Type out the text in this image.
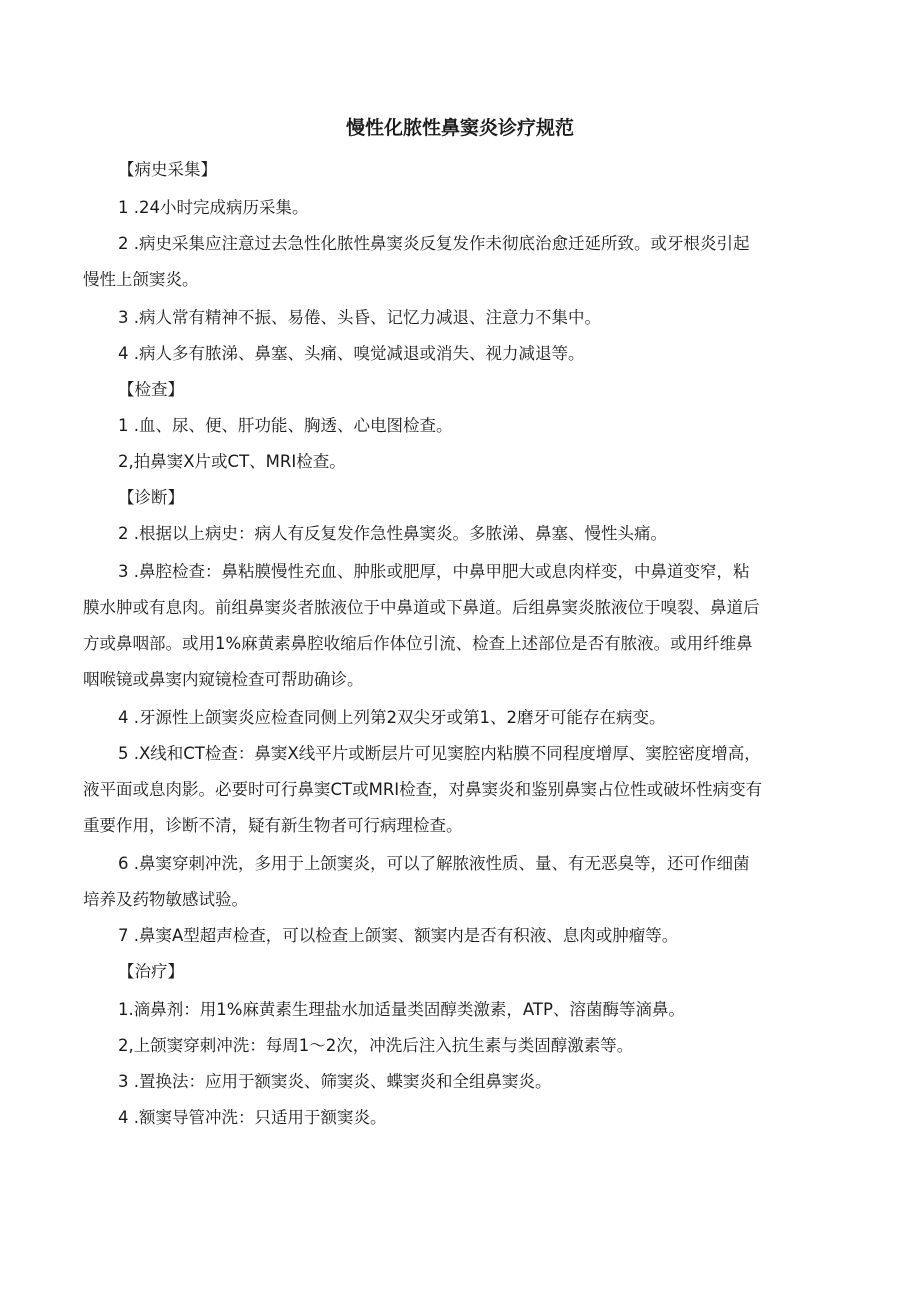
慢性化脓性鼻窦炎诊疗规范
【病史采集】
1 .24小时完成病历采集。
2 .病史采集应注意过去急性化脓性鼻窦炎反复发作未彻底治愈迁延所致。或牙根炎引起
慢性上颌窦炎。
3 .病人常有精神不振、易倦、头昏、记忆力减退、注意力不集中。
4 .病人多有脓涕、鼻塞、头痛、嗅觉减退或消失、视力减退等。
【检查】
1 .血、尿、便、肝功能、胸透、心电图检查。
2,拍鼻窦X片或CT、MRI检查。
【诊断】
2 .根据以上病史：病人有反复发作急性鼻窦炎。多脓涕、鼻塞、慢性头痛。
3 .鼻腔检查：鼻粘膜慢性充血、肿胀或肥厚，中鼻甲肥大或息肉样变，中鼻道变窄，粘
膜水肿或有息肉。前组鼻窦炎者脓液位于中鼻道或下鼻道。后组鼻窦炎脓液位于嗅裂、鼻道后
方或鼻咽部。或用1%麻黄素鼻腔收缩后作体位引流、检查上述部位是否有脓液。或用纤维鼻
咽喉镜或鼻窦内窥镜检查可帮助确诊。
4 .牙源性上颌窦炎应检查同侧上列第2双尖牙或第1、2磨牙可能存在病变。
5 .X线和CT检查：鼻窦X线平片或断层片可见窦腔内粘膜不同程度增厚、窦腔密度增高，
液平面或息肉影。必要时可行鼻窦CT或MRI检查，对鼻窦炎和鉴别鼻窦占位性或破坏性病变有
重要作用，诊断不清，疑有新生物者可行病理检查。
6 .鼻窦穿刺冲洗，多用于上颌窦炎，可以了解脓液性质、量、有无恶臭等，还可作细菌
培养及药物敏感试验。
7 .鼻窦A型超声检查，可以检查上颌窦、额窦内是否有积液、息肉或肿瘤等。
【治疗】
1.滴鼻剂：用1%麻黄素生理盐水加适量类固醇类激素，ATP、溶菌酶等滴鼻。
2,上颌窦穿刺冲洗：每周1～2次，冲洗后注入抗生素与类固醇激素等。
3 .置换法：应用于额窦炎、筛窦炎、蝶窦炎和全组鼻窦炎。
4 .额窦导管冲洗：只适用于额窦炎。
